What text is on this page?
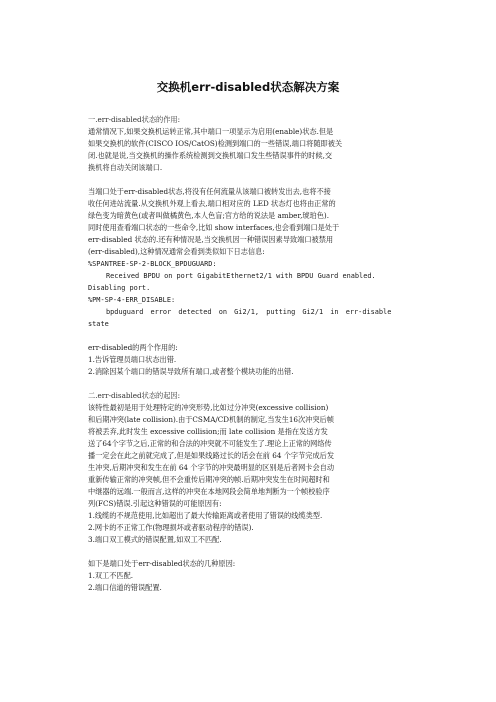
交换机err-disabled状态解决方案

一.err-disabled状态的作用:

通常情况下,如果交换机运转正常,其中端口一项显示为启用(enable)状态.但是

如果交换机的软件(CISCO IOS/CatOS)检测到端口的一些错误,端口将随即被关

闭.也就是说,当交换机的操作系统检测到交换机端口发生些错误事件的时候,交

换机将自动关闭该端口.

当端口处于err-disabled状态,将没有任何流量从该端口被转发出去,也将不接

收任何进站流量.从交换机外观上看去,端口相对应的 LED 状态灯也将由正常的

绿色变为暗黄色(或者叫做橘黄色,本人色盲;官方给的说法是 amber,琥珀色).

同时使用查看端口状态的一些命令,比如 show interfaces,也会看到端口是处于

err-disabled 状态的.还有种情况是,当交换机因一种错误因素导致端口被禁用

(err-disabled),这种情况通常会看到类似如下日志信息:

%SPANTREE-SP-2-BLOCK_BPDUGUARD:

Received BPDU on port GigabitEthernet2/1 with BPDU Guard enabled.

Disabling port.

%PM-SP-4-ERR_DISABLE:

bpduguard error detected on Gi2/1, putting Gi2/1 in err-disable

state

err-disabled的两个作用的:

1.告诉管理员端口状态出错.

2.消除因某个端口的错误导致所有端口,或者整个模块功能的出错.

二.err-disabled状态的起因:

该特性最初是用于处理特定的冲突形势,比如过分冲突(excessive collision)

和后期冲突(late collision).由于CSMA/CD机制的制定,当发生16次冲突后帧

将被丢弃,此时发生 excessive collision;而 late collision 是指在发送方发

送了64个字节之后,正常的和合法的冲突就不可能发生了.理论上正常的网络传

播一定会在此之前就完成了,但是如果线路过长的话会在前 64 个字节完成后发

生冲突,后期冲突和发生在前 64 个字节的冲突最明显的区别是后者网卡会自动

重新传输正常的冲突帧,但不会重传后期冲突的帧.后期冲突发生在时间超时和

中继器的远端.一般而言,这样的冲突在本地网段会简单地判断为一个帧校验序

列(FCS)错误.引起这种错误的可能原因有:

1.线缆的不规范使用,比如超出了最大传输距离或者使用了错误的线缆类型.

2.网卡的不正常工作(物理损坏或者驱动程序的错误).

3.端口双工模式的错误配置,如双工不匹配.

如下是端口处于err-disabled状态的几种原因:

1.双工不匹配.

2.端口信道的错误配置.
